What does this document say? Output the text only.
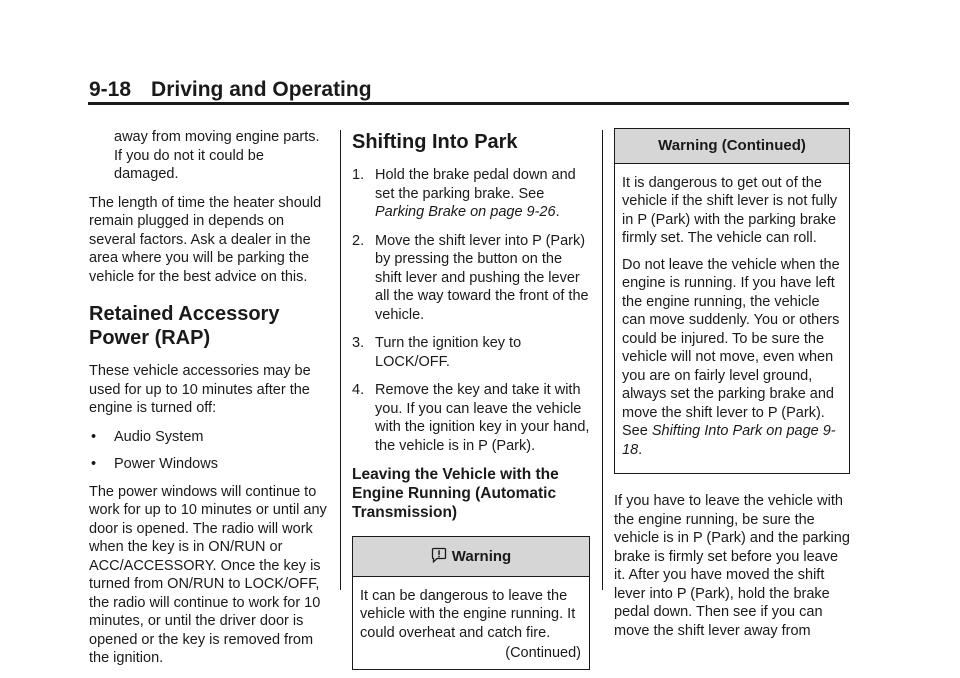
9-18 Driving and Operating

away from moving engine parts. If you do not it could be damaged.

The length of time the heater should remain plugged in depends on several factors. Ask a dealer in the area where you will be parking the vehicle for the best advice on this.

Retained Accessory
Power (RAP)

These vehicle accessories may be used for up to 10 minutes after the engine is turned off:

• Audio System
• Power Windows

The power windows will continue to work for up to 10 minutes or until any door is opened. The radio will work when the key is in ON/RUN or ACC/ACCESSORY. Once the key is turned from ON/RUN to LOCK/OFF, the radio will continue to work for 10 minutes, or until the driver door is opened or the key is removed from the ignition.

Shifting Into Park
1. Hold the brake pedal down and set the parking brake. See Parking Brake on page 9-26.
2. Move the shift lever into P (Park) by pressing the button on the shift lever and pushing the lever all the way toward the front of the vehicle.
3. Turn the ignition key to LOCK/OFF.
4. Remove the key and take it with you. If you can leave the vehicle with the ignition key in your hand, the vehicle is in P (Park).
Leaving the Vehicle with the Engine Running (Automatic Transmission)
Warning

It can be dangerous to leave the vehicle with the engine running. It could overheat and catch fire.

(Continued)
Warning (Continued)

It is dangerous to get out of the vehicle if the shift lever is not fully in P (Park) with the parking brake firmly set. The vehicle can roll.

Do not leave the vehicle when the engine is running. If you have left the engine running, the vehicle can move suddenly. You or others could be injured. To be sure the vehicle will not move, even when you are on fairly level ground, always set the parking brake and move the shift lever to P (Park). See Shifting Into Park on page 9-18.

If you have to leave the vehicle with the engine running, be sure the vehicle is in P (Park) and the parking brake is firmly set before you leave it. After you have moved the shift lever into P (Park), hold the brake pedal down. Then see if you can move the shift lever away from
